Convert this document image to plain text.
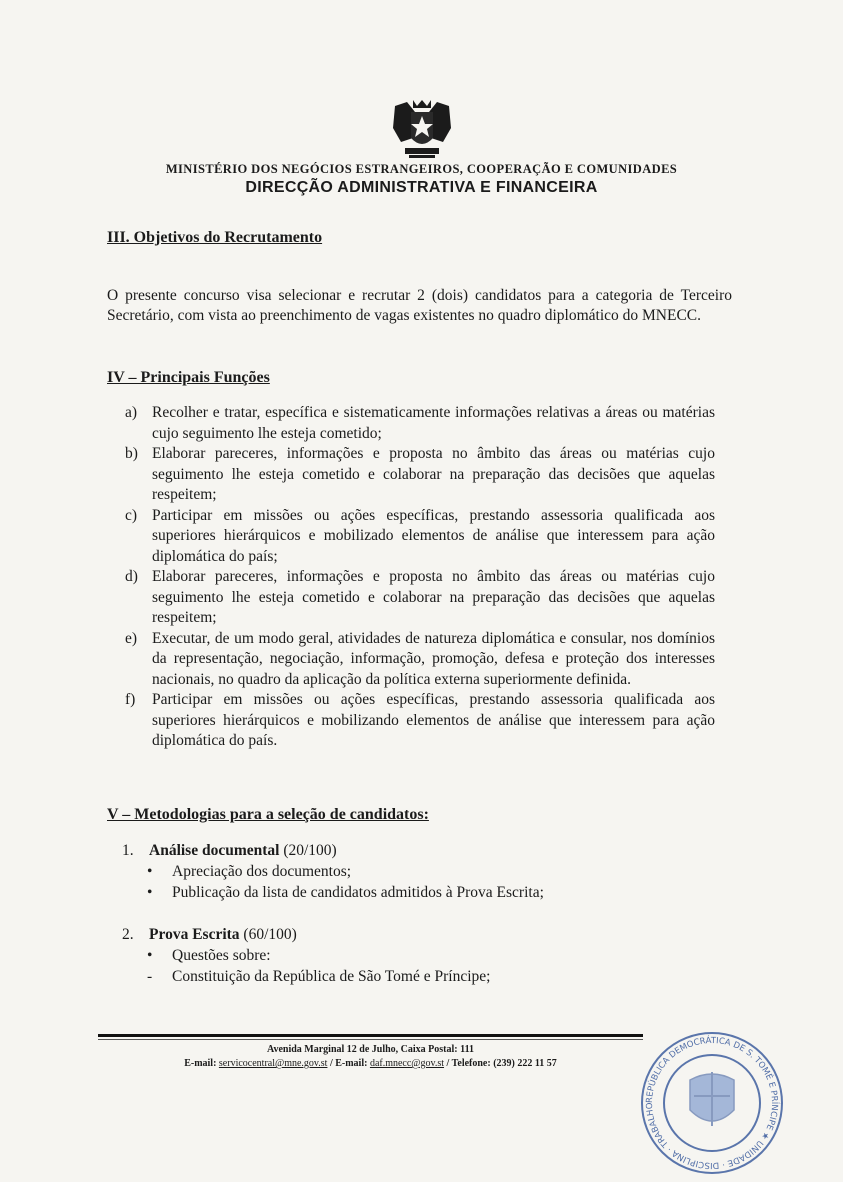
MINISTÉRIO DOS NEGÓCIOS ESTRANGEIROS, COOPERAÇÃO E COMUNIDADES
DIRECÇÃO ADMINISTRATIVA E FINANCEIRA
III. Objetivos do Recrutamento
O presente concurso visa selecionar e recrutar 2 (dois) candidatos para a categoria de Terceiro Secretário, com vista ao preenchimento de vagas existentes no quadro diplomático do MNECC.
IV – Principais Funções
a) Recolher e tratar, específica e sistematicamente informações relativas a áreas ou matérias cujo seguimento lhe esteja cometido;
b) Elaborar pareceres, informações e proposta no âmbito das áreas ou matérias cujo seguimento lhe esteja cometido e colaborar na preparação das decisões que aquelas respeitem;
c) Participar em missões ou ações específicas, prestando assessoria qualificada aos superiores hierárquicos e mobilizado elementos de análise que interessem para ação diplomática do país;
d) Elaborar pareceres, informações e proposta no âmbito das áreas ou matérias cujo seguimento lhe esteja cometido e colaborar na preparação das decisões que aquelas respeitem;
e) Executar, de um modo geral, atividades de natureza diplomática e consular, nos domínios da representação, negociação, informação, promoção, defesa e proteção dos interesses nacionais, no quadro da aplicação da política externa superiormente definida.
f)	Participar em missões ou ações específicas, prestando assessoria qualificada aos superiores hierárquicos e mobilizando elementos de análise que interessem para ação diplomática do país.
V – Metodologias para a seleção de candidatos:
1. Análise documental (20/100)
•	Apreciação dos documentos;
•	Publicação da lista de candidatos admitidos à Prova Escrita;
2. Prova Escrita (60/100)
•	Questões sobre:
-	Constituição da República de São Tomé e Príncipe;
Avenida Marginal 12 de Julho, Caixa Postal: 111
E-mail: servicocentral@mne.gov.st / E-mail: daf.mnecc@gov.st / Telefone: (239) 222 11 57
REPÚBLICA DEMOCRÁTICA DE S. TOMÉ E PRÍNCIPE ★ UNIDADE · DISCIPLINA · TRABALHO
